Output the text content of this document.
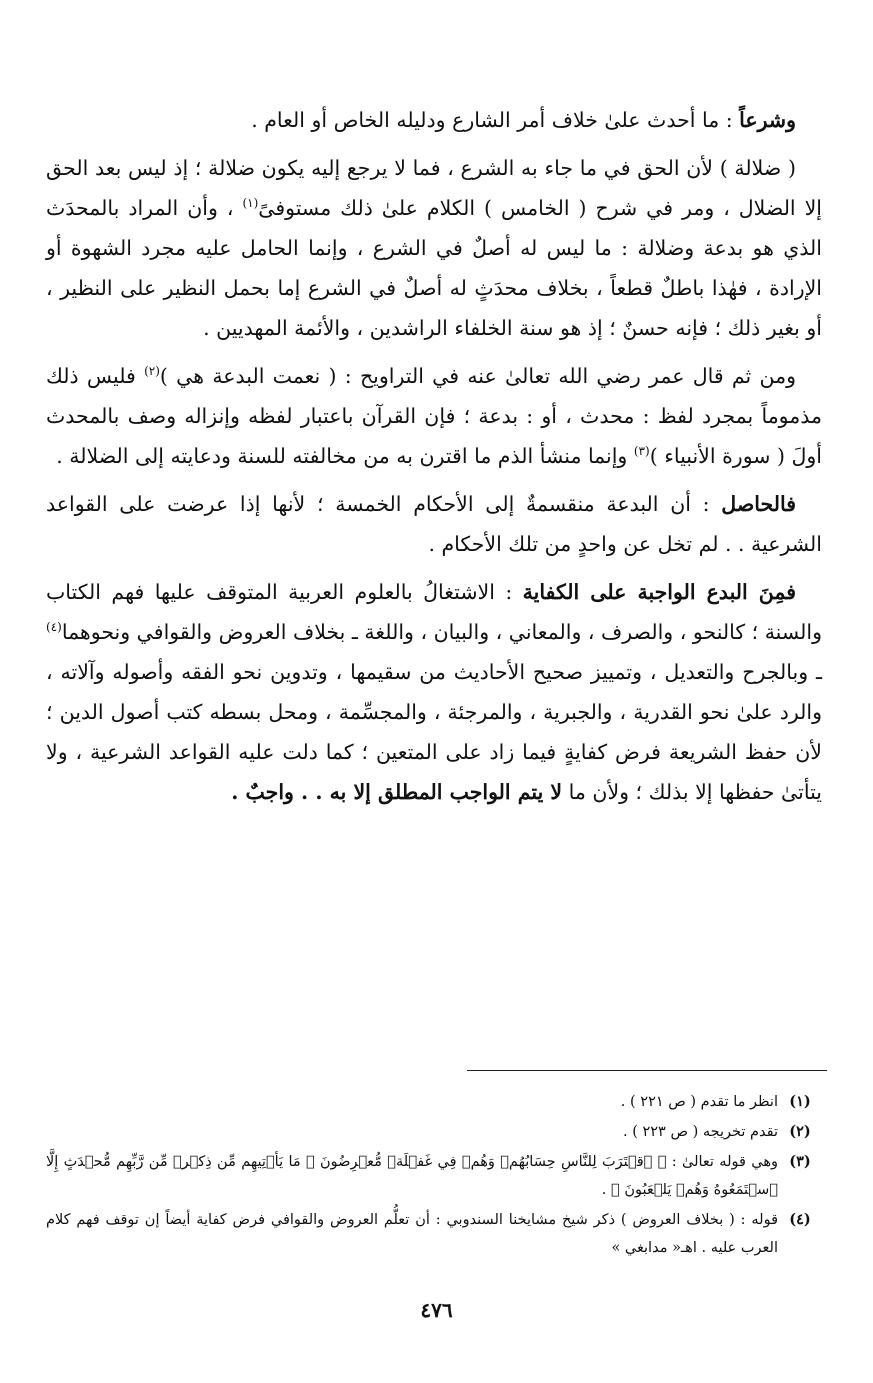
وشرعاً : ما أحدث علىٰ خلاف أمر الشارع ودليله الخاص أو العام .

( ضلالة ) لأن الحق في ما جاء به الشرع ، فما لا يرجع إليه يكون ضلالة ؛ إذ ليس بعد الحق إلا الضلال ، ومر في شرح ( الخامس ) الكلام علىٰ ذلك مستوفىً$^{(١)}$ ، وأن المراد بالمحدَث الذي هو بدعة وضلالة : ما ليس له أصلٌ في الشرع ، وإنما الحامل عليه مجرد الشهوة أو الإرادة ، فهٰذا باطلٌ قطعاً ، بخلاف محدَثٍ له أصلٌ في الشرع إما بحمل النظير على النظير ، أو بغير ذلك ؛ فإنه حسنٌ ؛ إذ هو سنة الخلفاء الراشدين ، والأئمة المهديين .

ومن ثم قال عمر رضي الله تعالىٰ عنه في التراويح : ( نعمت البدعة هي )$^{(٢)}$ فليس ذلك مذموماً بمجرد لفظ : محدث ، أو : بدعة ؛ فإن القرآن باعتبار لفظه وإنزاله وصف بالمحدث أولَ ( سورة الأنبياء )$^{(٣)}$ وإنما منشأ الذم ما اقترن به من مخالفته للسنة ودعايته إلى الضلالة .

فالحاصل : أن البدعة منقسمةٌ إلى الأحكام الخمسة ؛ لأنها إذا عرضت على القواعد الشرعية . . لم تخل عن واحدٍ من تلك الأحكام .

فمِنَ البدع الواجبة على الكفاية : الاشتغالُ بالعلوم العربية المتوقف عليها فهم الكتاب والسنة ؛ كالنحو ، والصرف ، والمعاني ، والبيان ، واللغة ـ بخلاف العروض والقوافي ونحوهما$^{(٤)}$ ـ وبالجرح والتعديل ، وتمييز صحيح الأحاديث من سقيمها ، وتدوين نحو الفقه وأصوله وآلاته ، والرد علىٰ نحو القدرية ، والجبرية ، والمرجئة ، والمجسِّمة ، ومحل بسطه كتب أصول الدين ؛ لأن حفظ الشريعة فرض كفايةٍ فيما زاد على المتعين ؛ كما دلت عليه القواعد الشرعية ، ولا يتأتىٰ حفظها إلا بذلك ؛ ولأن ما لا يتم الواجب المطلق إلا به . . واجبٌ .

(١)
انظر ما تقدم ( ص ٢٢١ ) .
(٢)
تقدم تخريجه ( ص ٢٢٣ ) .
(٣)
وهي قوله تعالىٰ : ﴿ ٱقۡتَرَبَ لِلنَّاسِ حِسَابُهُمۡ وَهُمۡ فِي غَفۡلَةٖ مُّعۡرِضُونَ ۞ مَا يَأۡتِيهِم مِّن ذِكۡرٖ مِّن رَّبِّهِم مُّحۡدَثٍ إِلَّا ٱسۡتَمَعُوهُ وَهُمۡ يَلۡعَبُونَ ﴾ .
(٤)
قوله : ( بخلاف العروض ) ذكر شيخ مشايخنا السندوبي : أن تعلُّم العروض والقوافي فرض كفاية أيضاً إن توقف فهم كلام العرب عليه . اهـ« مدابغي »
٤٧٦
